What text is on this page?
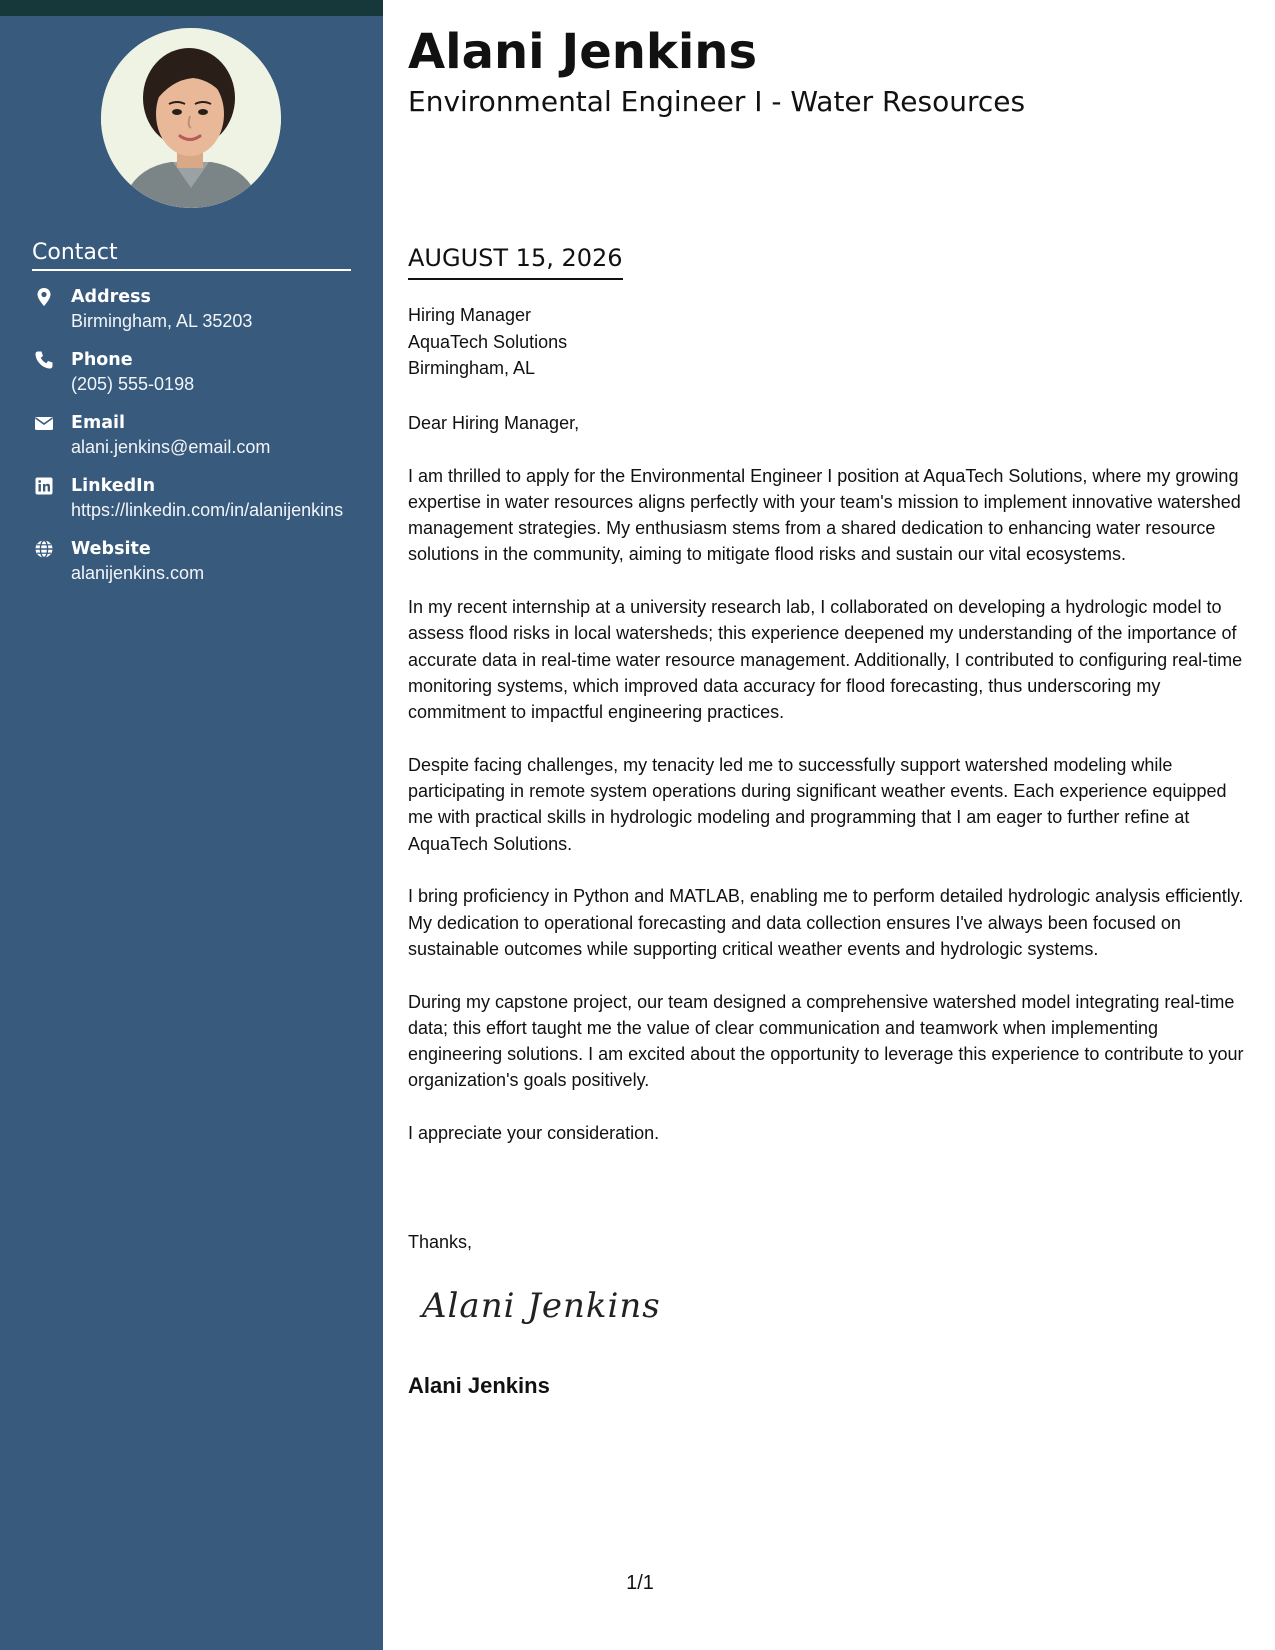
Contact
Address
Birmingham, AL 35203
Phone
(205) 555-0198
Email
alani.jenkins@email.com
LinkedIn
https://linkedin.com/in/alanijenkins
Website
alanijenkins.com
Alani Jenkins
Environmental Engineer I - Water Resources
AUGUST 15, 2026
Hiring Manager
AquaTech Solutions
Birmingham, AL

Dear Hiring Manager,

I am thrilled to apply for the Environmental Engineer I position at AquaTech Solutions, where my growing expertise in water resources aligns perfectly with your team's mission to implement innovative watershed management strategies. My enthusiasm stems from a shared dedication to enhancing water resource solutions in the community, aiming to mitigate flood risks and sustain our vital ecosystems.

In my recent internship at a university research lab, I collaborated on developing a hydrologic model to assess flood risks in local watersheds; this experience deepened my understanding of the importance of accurate data in real-time water resource management. Additionally, I contributed to configuring real-time monitoring systems, which improved data accuracy for flood forecasting, thus underscoring my commitment to impactful engineering practices.

Despite facing challenges, my tenacity led me to successfully support watershed modeling while participating in remote system operations during significant weather events. Each experience equipped me with practical skills in hydrologic modeling and programming that I am eager to further refine at AquaTech Solutions.

I bring proficiency in Python and MATLAB, enabling me to perform detailed hydrologic analysis efficiently. My dedication to operational forecasting and data collection ensures I've always been focused on sustainable outcomes while supporting critical weather events and hydrologic systems.

During my capstone project, our team designed a comprehensive watershed model integrating real-time data; this effort taught me the value of clear communication and teamwork when implementing engineering solutions. I am excited about the opportunity to leverage this experience to contribute to your organization's goals positively.

I appreciate your consideration.

Thanks,
Alani Jenkins
Alani Jenkins
1/1
